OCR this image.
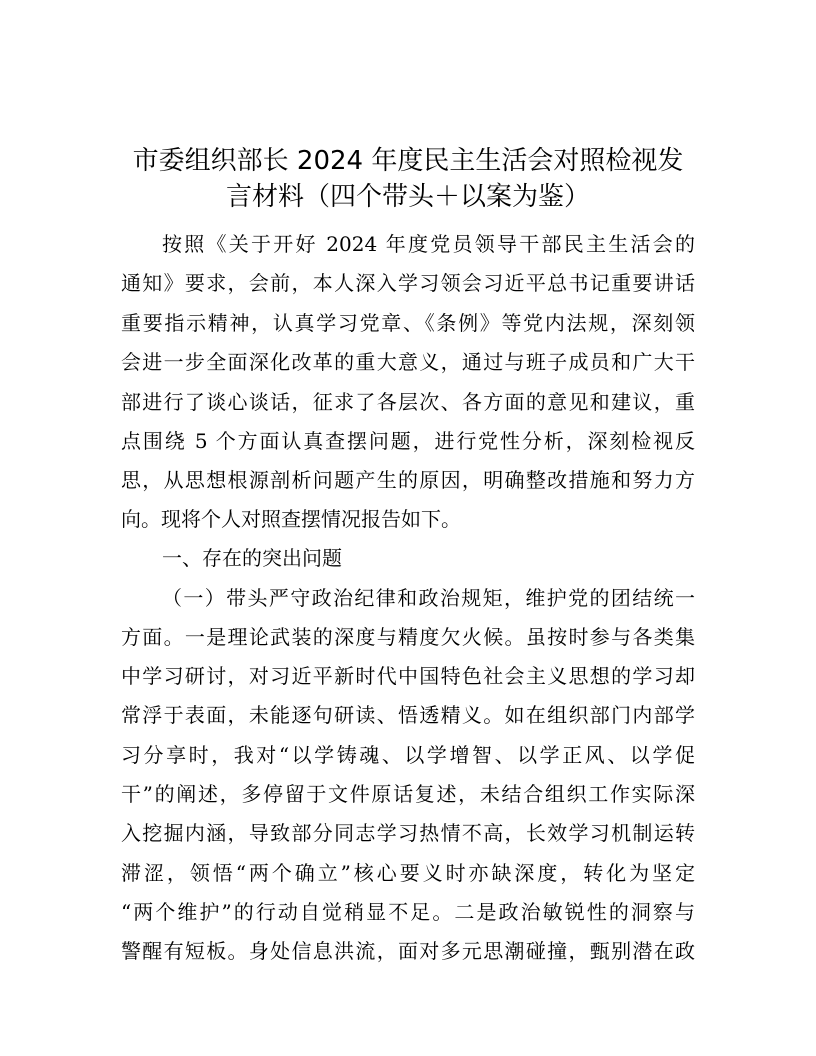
市委组织部长 2024 年度民主生活会对照检视发
言材料（四个带头＋以案为鉴）
按照《关于开好 2024 年度党员领导干部民主生活会的
通知》要求，会前，本人深入学习领会习近平总书记重要讲话
重要指示精神，认真学习党章、《条例》等党内法规，深刻领
会进一步全面深化改革的重大意义，通过与班子成员和广大干
部进行了谈心谈话，征求了各层次、各方面的意见和建议，重
点围绕 5 个方面认真查摆问题，进行党性分析，深刻检视反
思，从思想根源剖析问题产生的原因，明确整改措施和努力方
向。现将个人对照查摆情况报告如下。
一、存在的突出问题
（一）带头严守政治纪律和政治规矩，维护党的团结统一
方面。一是理论武装的深度与精度欠火候。虽按时参与各类集
中学习研讨，对习近平新时代中国特色社会主义思想的学习却
常浮于表面，未能逐句研读、悟透精义。如在组织部门内部学
习分享时，我对“以学铸魂、以学增智、以学正风、以学促
干”的阐述，多停留于文件原话复述，未结合组织工作实际深
入挖掘内涵，导致部分同志学习热情不高，长效学习机制运转
滞涩，领悟“两个确立”核心要义时亦缺深度，转化为坚定
“两个维护”的行动自觉稍显不足。二是政治敏锐性的洞察与
警醒有短板。身处信息洪流，面对多元思潮碰撞，甄别潜在政
